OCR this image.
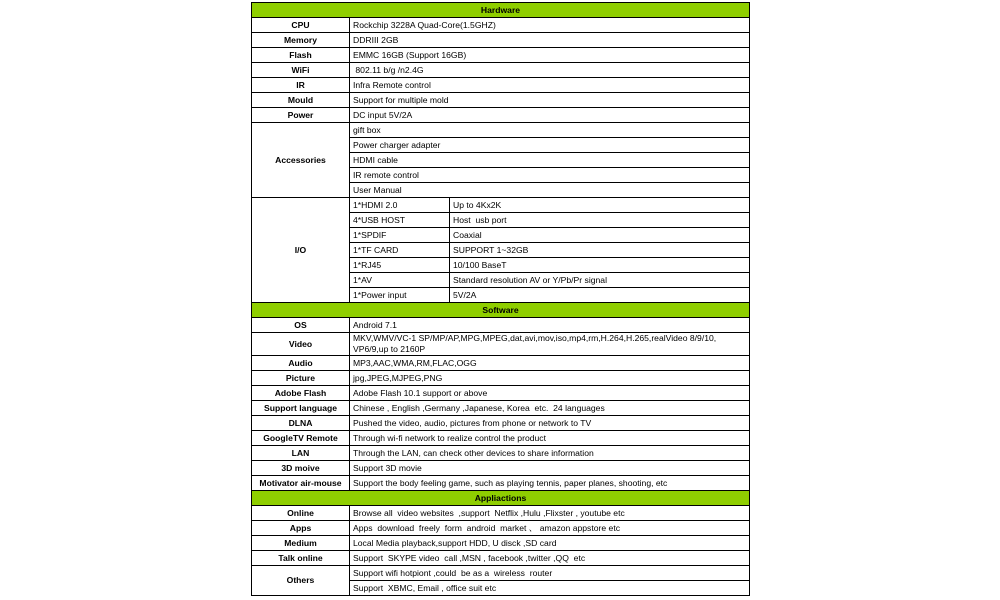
Hardware		
CPU	Rockchip 3228A Quad-Core(1.5GHZ)	
Memory	DDRIII 2GB	
Flash	EMMC 16GB (Support 16GB)	
WiFi	802.11 b/g /n2.4G	
IR	Infra Remote control	
Mould	Support for multiple mold	
Power	DC input 5V/2A	
Accessories	gift box	
	Power charger adapter	
	HDMI cable	
	IR remote control	
	User Manual	
I/O	1*HDMI 2.0	Up to 4Kx2K
	4*USB HOST	Host  usb port
	1*SPDIF	Coaxial
	1*TF CARD	SUPPORT 1~32GB
	1*RJ45	10/100 BaseT
	1*AV	Standard resolution AV or Y/Pb/Pr signal
	1*Power input	5V/2A
Software		
OS	Android 7.1	
Video	MKV,WMV/VC-1 SP/MP/AP,MPG,MPEG,dat,avi,mov,iso,mp4,rm,H.264,H.265,realVideo 8/9/10, VP6/9,up to 2160P	
Audio	MP3,AAC,WMA,RM,FLAC,OGG	
Picture	jpg,JPEG,MJPEG,PNG	
Adobe Flash	Adobe Flash 10.1 support or above	
Support language	Chinese , English ,Germany ,Japanese, Korea  etc.  24 languages	
DLNA	Pushed the video, audio, pictures from phone or network to TV	
GoogleTV Remote	Through wi-fi network to realize control the product	
LAN	Through the LAN, can check other devices to share information	
3D moive	Support 3D movie	
Motivator air-mouse	Support the body feeling game, such as playing tennis, paper planes, shooting, etc	
Appliactions		
Online	Browse all  video websites  ,support  Netflix ,Hulu ,Flixster , youtube etc	
Apps	Apps  download  freely  form  android  market 、 amazon appstore etc	
Medium	Local Media playback,support HDD, U disck ,SD card	
Talk online	Support  SKYPE video  call ,MSN , facebook ,twitter ,QQ  etc	
Others	Support wifi hotpiont ,could  be as a  wireless  router	
	Support  XBMC, Email , office suit etc	
